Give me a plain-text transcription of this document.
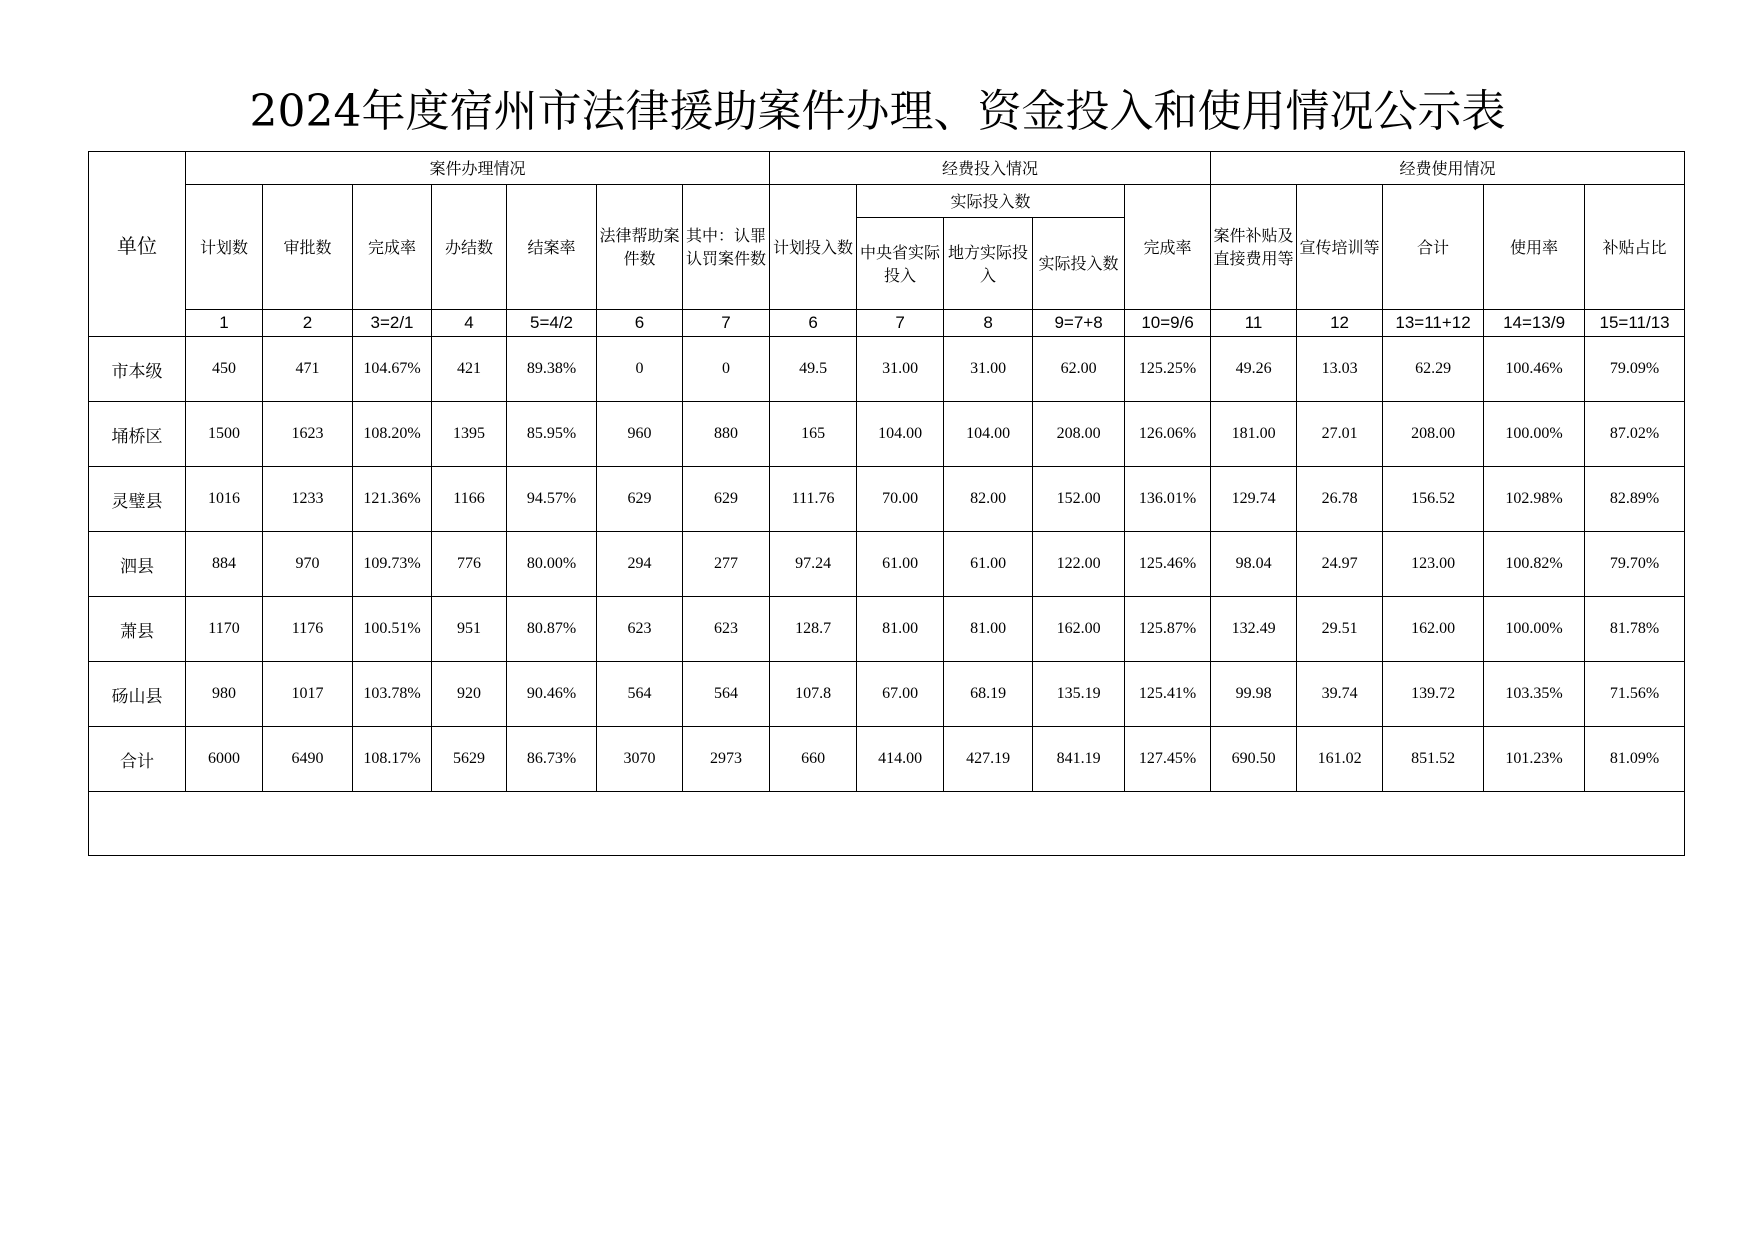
2024年度宿州市法律援助案件办理、资金投入和使用情况公示表
单位	案件办理情况							经费投入情况					经费使用情况				
	计划数	审批数	完成率	办结数	结案率	法律帮助案件数	其中：认罪认罚案件数	计划投入数	实际投入数			完成率	案件补贴及直接费用等	宣传培训等	合计	使用率	补贴占比
									中央省实际投入	地方实际投入	实际投入数						
	1	2	3=2/1	4	5=4/2	6	7	6	7	8	9=7+8	10=9/6	11	12	13=11+12	14=13/9	15=11/13
市本级	450	471	104.67%	421	89.38%	0	0	49.5	31.00	31.00	62.00	125.25%	49.26	13.03	62.29	100.46%	79.09%
埇桥区	1500	1623	108.20%	1395	85.95%	960	880	165	104.00	104.00	208.00	126.06%	181.00	27.01	208.00	100.00%	87.02%
灵璧县	1016	1233	121.36%	1166	94.57%	629	629	111.76	70.00	82.00	152.00	136.01%	129.74	26.78	156.52	102.98%	82.89%
泗县	884	970	109.73%	776	80.00%	294	277	97.24	61.00	61.00	122.00	125.46%	98.04	24.97	123.00	100.82%	79.70%
萧县	1170	1176	100.51%	951	80.87%	623	623	128.7	81.00	81.00	162.00	125.87%	132.49	29.51	162.00	100.00%	81.78%
砀山县	980	1017	103.78%	920	90.46%	564	564	107.8	67.00	68.19	135.19	125.41%	99.98	39.74	139.72	103.35%	71.56%
合计	6000	6490	108.17%	5629	86.73%	3070	2973	660	414.00	427.19	841.19	127.45%	690.50	161.02	851.52	101.23%	81.09%
